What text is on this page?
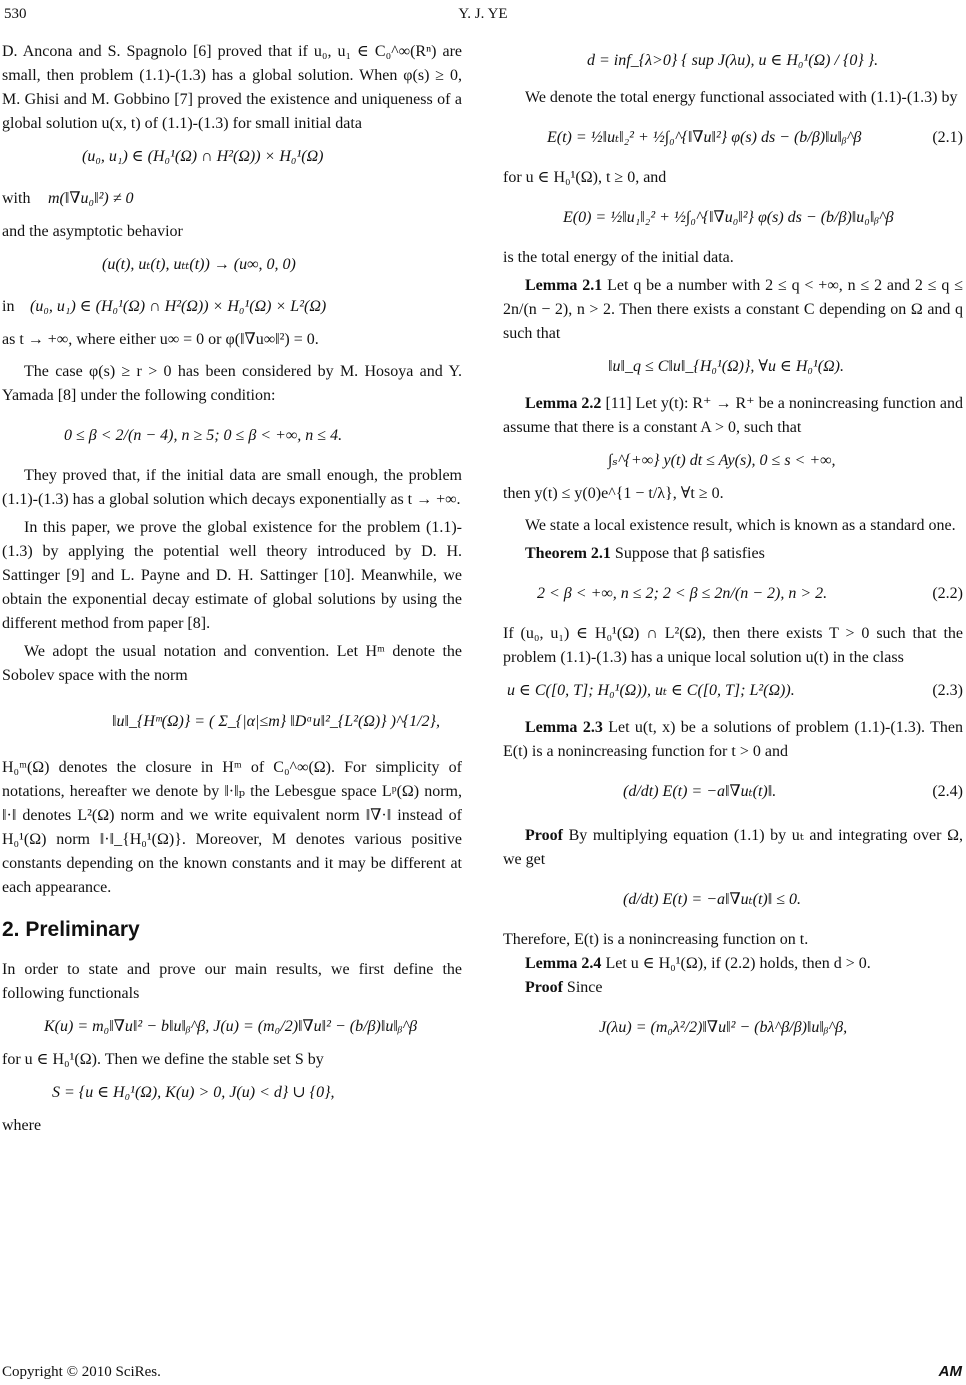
530	Y. J. YE

D. Ancona and S. Spagnolo [6] proved that if u₀, u₁ ∈ C₀^∞(Rⁿ) are small, then problem (1.1)-(1.3) has a global solution. When φ(s) ≥ 0, M. Ghisi and M. Gobbino [7] proved the existence and uniqueness of a global solution u(x, t) of (1.1)-(1.3) for small initial data

(u₀, u₁) ∈ (H₀¹(Ω) ∩ H²(Ω)) × H₀¹(Ω)
with m(‖∇u₀‖²) ≠ 0

and the asymptotic behavior

(u(t), uₜ(t), uₜₜ(t)) → (u∞, 0, 0)
in (u₀, u₁) ∈ (H₀¹(Ω) ∩ H²(Ω)) × H₀¹(Ω) × L²(Ω)

as t → +∞, where either u∞ = 0 or φ(‖∇u∞‖²) = 0.

The case φ(s) ≥ r > 0 has been considered by M. Hosoya and Y. Yamada [8] under the following condition:

0 ≤ β < 2/(n − 4), n ≥ 5; 0 ≤ β < +∞, n ≤ 4.

They proved that, if the initial data are small enough, the problem (1.1)-(1.3) has a global solution which decays exponentially as t → +∞.

In this paper, we prove the global existence for the problem (1.1)-(1.3) by applying the potential well theory introduced by D. H. Sattinger [9] and L. Payne and D. H. Sattinger [10]. Meanwhile, we obtain the exponential decay estimate of global solutions by using the different method from paper [8].

We adopt the usual notation and convention. Let Hᵐ denote the Sobolev space with the norm

‖u‖_{Hᵐ(Ω)} = ( Σ_{|α|≤m} ‖Dᵅu‖²_{L²(Ω)} )^{1/2},

H₀ᵐ(Ω) denotes the closure in Hᵐ of C₀^∞(Ω). For simplicity of notations, hereafter we denote by ‖·‖ₚ the Lebesgue space Lᵖ(Ω) norm, ‖·‖ denotes L²(Ω) norm and we write equivalent norm ‖∇·‖ instead of H₀¹(Ω) norm ‖·‖_{H₀¹(Ω)}. Moreover, M denotes various positive constants depending on the known constants and it may be different at each appearance.

2. Preliminary

In order to state and prove our main results, we first define the following functionals

K(u) = m₀‖∇u‖² − b‖u‖ᵦ^β, J(u) = (m₀/2)‖∇u‖² − (b/β)‖u‖ᵦ^β

for u ∈ H₀¹(Ω). Then we define the stable set S by

S = {u ∈ H₀¹(Ω), K(u) > 0, J(u) < d} ∪ {0},

where

d = inf_{λ>0} { sup J(λu), u ∈ H₀¹(Ω) / {0} }.

We denote the total energy functional associated with (1.1)-(1.3) by

E(t) = ½‖uₜ‖₂² + ½∫₀^{‖∇u‖²} φ(s) ds − (b/β)‖u‖ᵦ^β	(2.1)

for u ∈ H₀¹(Ω), t ≥ 0, and

E(0) = ½‖u₁‖₂² + ½∫₀^{‖∇u₀‖²} φ(s) ds − (b/β)‖u₀‖ᵦ^β

is the total energy of the initial data.

Lemma 2.1 Let q be a number with 2 ≤ q < +∞, n ≤ 2 and 2 ≤ q ≤ 2n/(n − 2), n > 2. Then there exists a constant C depending on Ω and q such that

‖u‖_q ≤ C‖u‖_{H₀¹(Ω)}, ∀u ∈ H₀¹(Ω).

Lemma 2.2 [11] Let y(t): R⁺ → R⁺ be a nonincreasing function and assume that there is a constant A > 0, such that

∫ₛ^{+∞} y(t) dt ≤ Ay(s), 0 ≤ s < +∞,

then y(t) ≤ y(0)e^{1 − t/λ}, ∀t ≥ 0.

We state a local existence result, which is known as a standard one.

Theorem 2.1 Suppose that β satisfies

2 < β < +∞, n ≤ 2; 2 < β ≤ 2n/(n − 2), n > 2.	(2.2)

If (u₀, u₁) ∈ H₀¹(Ω) ∩ L²(Ω), then there exists T > 0 such that the problem (1.1)-(1.3) has a unique local solution u(t) in the class

u ∈ C([0, T]; H₀¹(Ω)), uₜ ∈ C([0, T]; L²(Ω)).	(2.3)

Lemma 2.3 Let u(t, x) be a solutions of problem (1.1)-(1.3). Then E(t) is a nonincreasing function for t > 0 and

(d/dt) E(t) = −a‖∇uₜ(t)‖.	(2.4)

Proof By multiplying equation (1.1) by uₜ and integrating over Ω, we get

(d/dt) E(t) = −a‖∇uₜ(t)‖ ≤ 0.

Therefore, E(t) is a nonincreasing function on t.

Lemma 2.4 Let u ∈ H₀¹(Ω), if (2.2) holds, then d > 0.

Proof Since

J(λu) = (m₀λ²/2)‖∇u‖² − (bλ^β/β)‖u‖ᵦ^β,
Copyright © 2010 SciRes.	AM
